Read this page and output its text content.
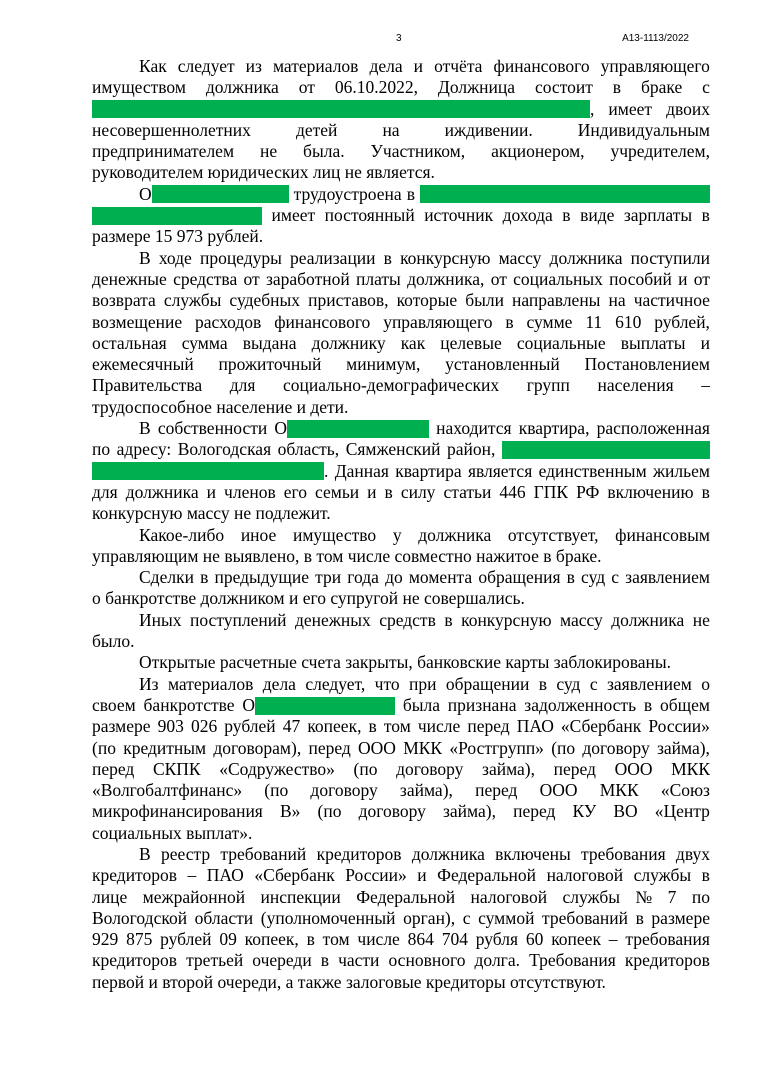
3	А13-1113/2022
Как следует из материалов дела и отчёта финансового управляющего
имуществом должника от 06.10.2022, Должница состоит в браке с
, имеет двоих
несовершеннолетних	детей	на	иждивении.	Индивидуальным
предпринимателем не была. Участником, акционером, учредителем,
руководителем юридических лиц не является.
О	трудоустроена в
имеет постоянный источник дохода в виде зарплаты в
размере 15 973 рублей.
В ходе процедуры реализации в конкурсную массу должника поступили
денежные средства от заработной платы должника, от социальных пособий и от
возврата службы судебных приставов, которые были направлены на частичное
возмещение расходов финансового управляющего в сумме 11 610 рублей,
остальная сумма выдана должнику как целевые социальные выплаты и
ежемесячный прожиточный минимум, установленный Постановлением
Правительства для социально-демографических групп населения –
трудоспособное население и дети.
В собственности О	находится квартира, расположенная
по адресу: Вологодская область, Сямженский район,
. Данная квартира является единственным жильем
для должника и членов его семьи и в силу статьи 446 ГПК РФ включению в
конкурсную массу не подлежит.
Какое-либо иное имущество у должника отсутствует, финансовым
управляющим не выявлено, в том числе совместно нажитое в браке.
Сделки в предыдущие три года до момента обращения в суд с заявлением
о банкротстве должником и его супругой не совершались.
Иных поступлений денежных средств в конкурсную массу должника не
было.
Открытые расчетные счета закрыты, банковские карты заблокированы.
Из материалов дела следует, что при обращении в суд с заявлением о
своем банкротстве О	была признана задолженность в общем
размере 903 026 рублей 47 копеек, в том числе перед ПАО «Сбербанк России»
(по кредитным договорам), перед ООО МКК «Ростгрупп» (по договору займа),
перед СКПК «Содружество» (по договору займа), перед ООО МКК
«Волгобалтфинанс» (по договору займа), перед ООО МКК «Союз
микрофинансирования В» (по договору займа), перед КУ ВО «Центр
социальных выплат».
В реестр требований кредиторов должника включены требования двух
кредиторов – ПАО «Сбербанк России» и Федеральной налоговой службы в
лице межрайонной инспекции Федеральной налоговой службы № 7 по
Вологодской области (уполномоченный орган), с суммой требований в размере
929 875 рублей 09 копеек, в том числе 864 704 рубля 60 копеек – требования
кредиторов третьей очереди в части основного долга. Требования кредиторов
первой и второй очереди, а также залоговые кредиторы отсутствуют.
